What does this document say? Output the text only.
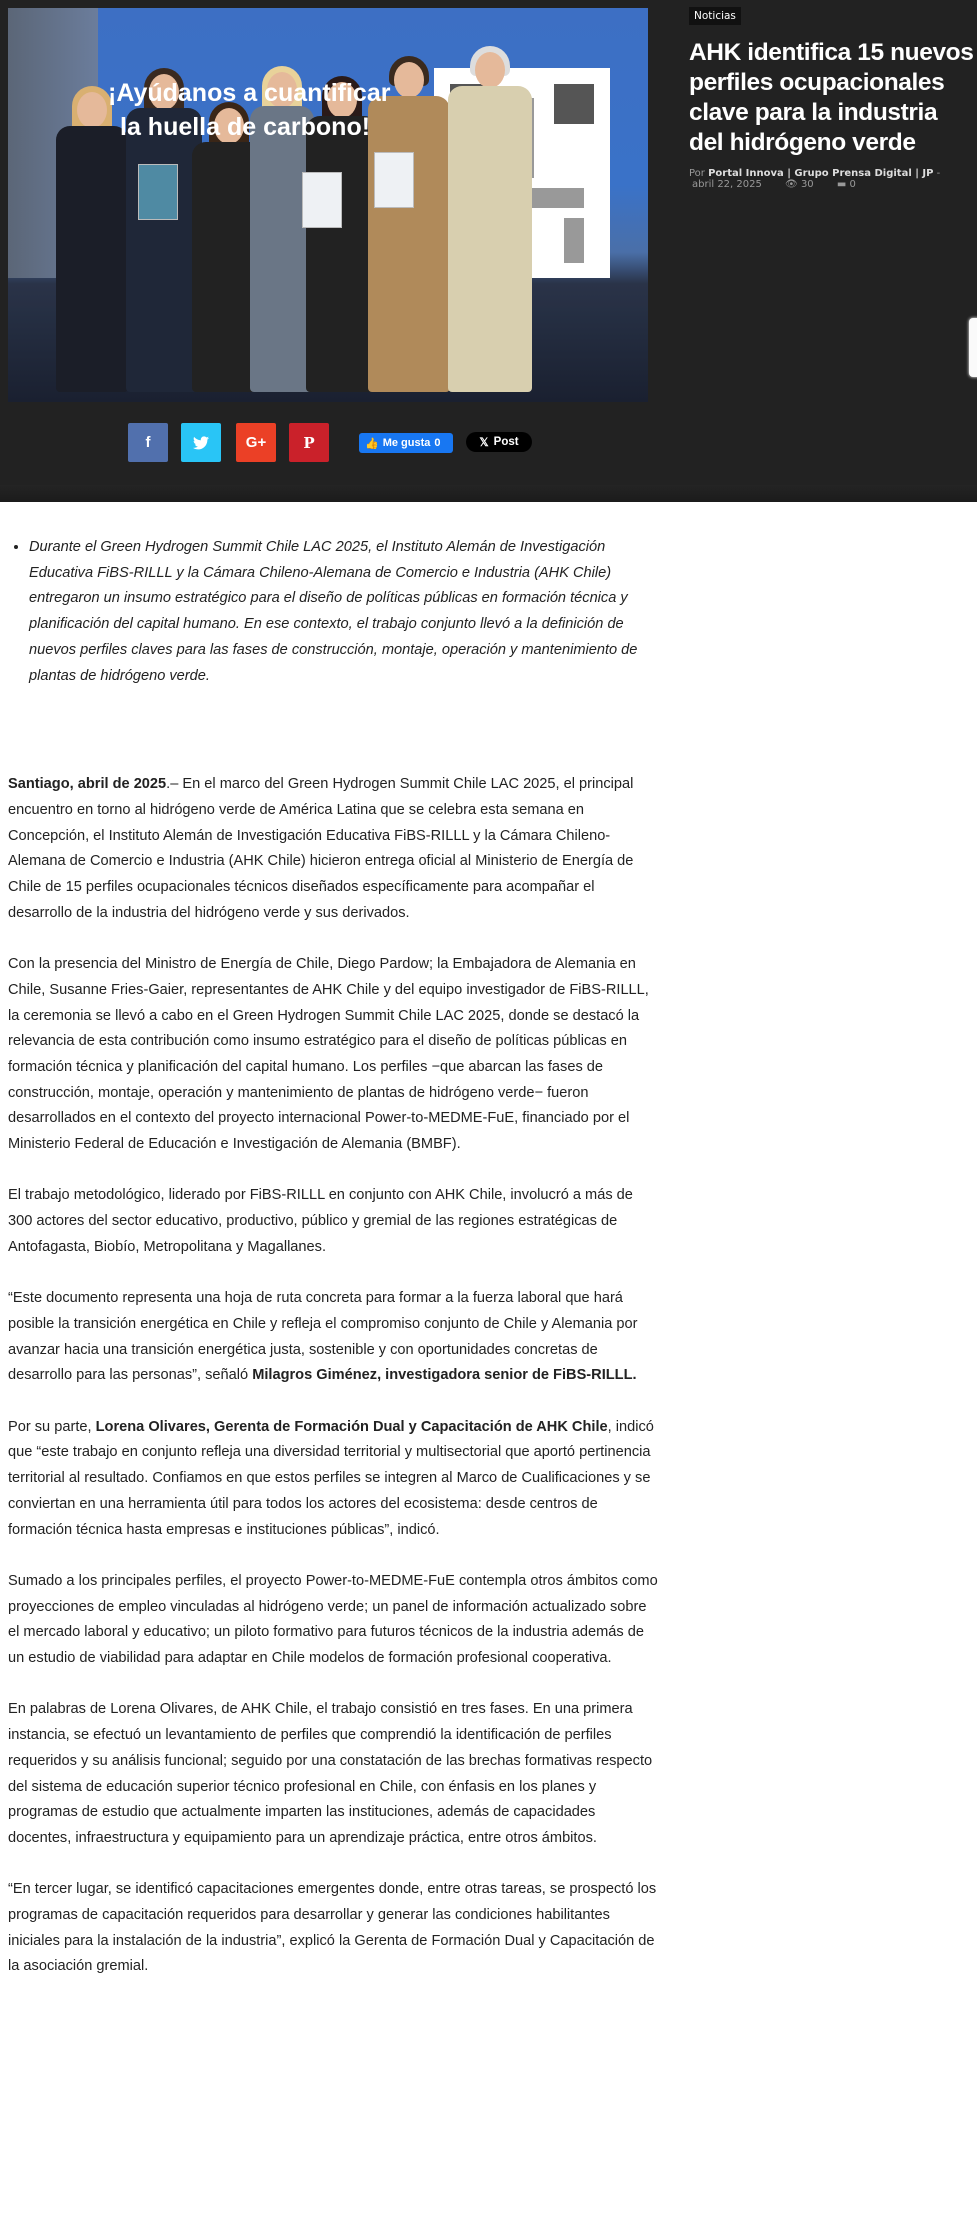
¡Ayúdanos a cuantificar
la huella de carbono!
f	G+ P	👍 Me gusta 0	𝕏 Post
Noticias
AHK identifica 15 nuevos perfiles ocupacionales clave para la industria del hidrógeno verde
Por Portal Innova | Grupo Prensa Digital | JP -
abril 22, 2025 👁 30 ▬ 0
• Durante el Green Hydrogen Summit Chile LAC 2025, el Instituto Alemán de Investigación Educativa FiBS-RILLL y la Cámara Chileno-Alemana de Comercio e Industria (AHK Chile) entregaron un insumo estratégico para el diseño de políticas públicas en formación técnica y planificación del capital humano. En ese contexto, el trabajo conjunto llevó a la definición de nuevos perfiles claves para las fases de construcción, montaje, operación y mantenimiento de plantas de hidrógeno verde.

Santiago, abril de 2025.– En el marco del Green Hydrogen Summit Chile LAC 2025, el principal encuentro en torno al hidrógeno verde de América Latina que se celebra esta semana en Concepción, el Instituto Alemán de Investigación Educativa FiBS-RILLL y la Cámara Chileno-Alemana de Comercio e Industria (AHK Chile) hicieron entrega oficial al Ministerio de Energía de Chile de 15 perfiles ocupacionales técnicos diseñados específicamente para acompañar el desarrollo de la industria del hidrógeno verde y sus derivados.

Con la presencia del Ministro de Energía de Chile, Diego Pardow; la Embajadora de Alemania en Chile, Susanne Fries-Gaier, representantes de AHK Chile y del equipo investigador de FiBS-RILLL, la ceremonia se llevó a cabo en el Green Hydrogen Summit Chile LAC 2025, donde se destacó la relevancia de esta contribución como insumo estratégico para el diseño de políticas públicas en formación técnica y planificación del capital humano. Los perfiles −que abarcan las fases de construcción, montaje, operación y mantenimiento de plantas de hidrógeno verde− fueron desarrollados en el contexto del proyecto internacional Power-to-MEDME-FuE, financiado por el Ministerio Federal de Educación e Investigación de Alemania (BMBF).

El trabajo metodológico, liderado por FiBS-RILLL en conjunto con AHK Chile, involucró a más de 300 actores del sector educativo, productivo, público y gremial de las regiones estratégicas de Antofagasta, Biobío, Metropolitana y Magallanes.

“Este documento representa una hoja de ruta concreta para formar a la fuerza laboral que hará posible la transición energética en Chile y refleja el compromiso conjunto de Chile y Alemania por avanzar hacia una transición energética justa, sostenible y con oportunidades concretas de desarrollo para las personas”, señaló Milagros Giménez, investigadora senior de FiBS-RILLL.

Por su parte, Lorena Olivares, Gerenta de Formación Dual y Capacitación de AHK Chile, indicó que “este trabajo en conjunto refleja una diversidad territorial y multisectorial que aportó pertinencia territorial al resultado. Confiamos en que estos perfiles se integren al Marco de Cualificaciones y se conviertan en una herramienta útil para todos los actores del ecosistema: desde centros de formación técnica hasta empresas e instituciones públicas”, indicó.

Sumado a los principales perfiles, el proyecto Power-to-MEDME-FuE contempla otros ámbitos como proyecciones de empleo vinculadas al hidrógeno verde; un panel de información actualizado sobre el mercado laboral y educativo; un piloto formativo para futuros técnicos de la industria además de un estudio de viabilidad para adaptar en Chile modelos de formación profesional cooperativa.

En palabras de Lorena Olivares, de AHK Chile, el trabajo consistió en tres fases. En una primera instancia, se efectuó un levantamiento de perfiles que comprendió la identificación de perfiles requeridos y su análisis funcional; seguido por una constatación de las brechas formativas respecto del sistema de educación superior técnico profesional en Chile, con énfasis en los planes y programas de estudio que actualmente imparten las instituciones, además de capacidades docentes, infraestructura y equipamiento para un aprendizaje práctica, entre otros ámbitos.

“En tercer lugar, se identificó capacitaciones emergentes donde, entre otras tareas, se prospectó los programas de capacitación requeridos para desarrollar y generar las condiciones habilitantes iniciales para la instalación de la industria”, explicó la Gerenta de Formación Dual y Capacitación de la asociación gremial.
